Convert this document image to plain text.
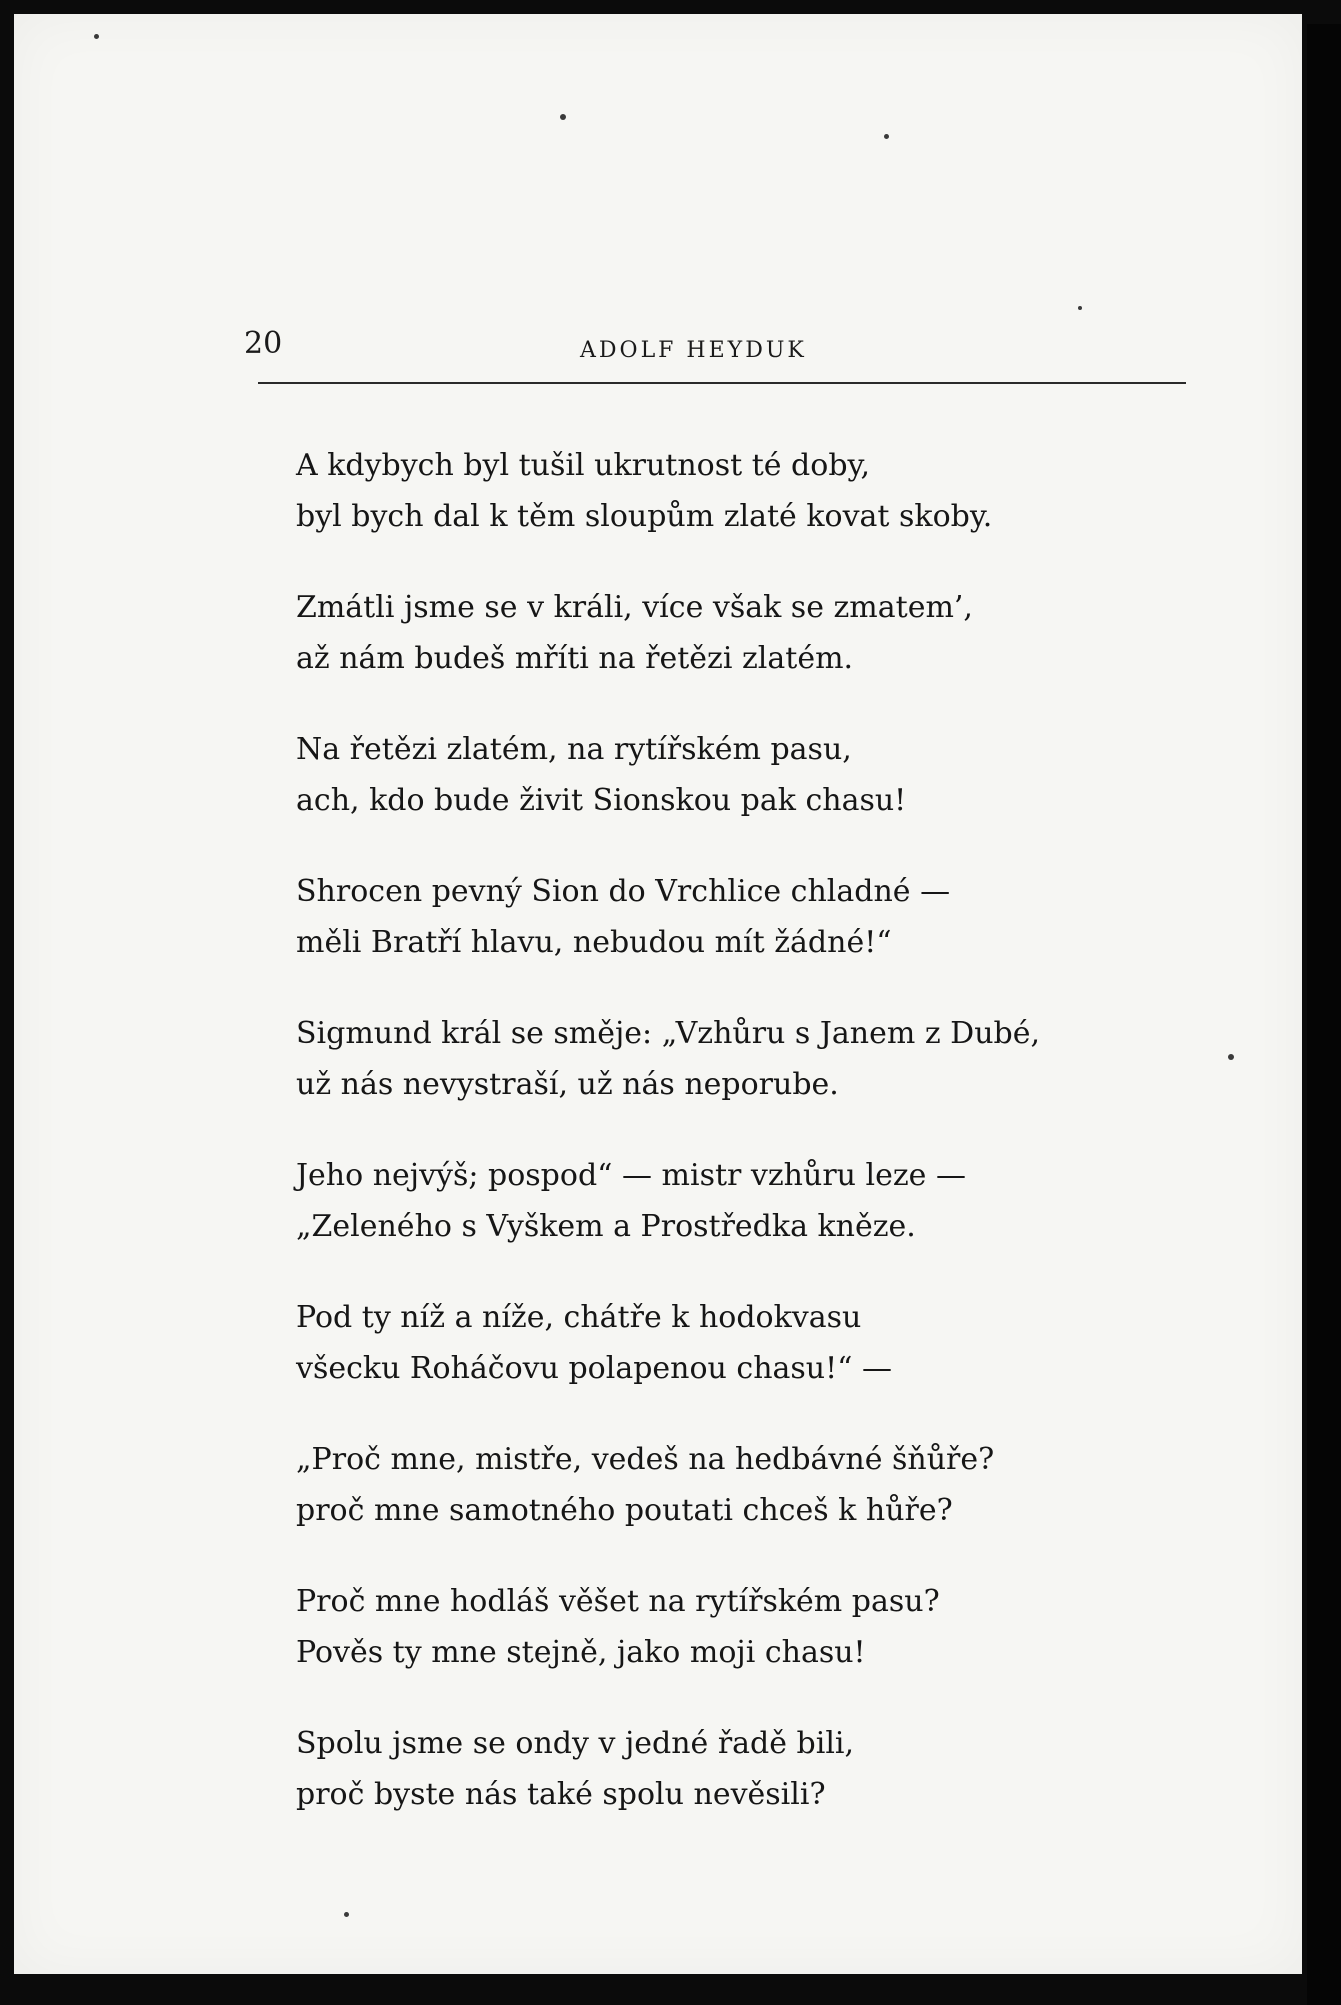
20	ADOLF HEYDUK
A kdybych byl tušil ukrutnost té doby,
byl bych dal k těm sloupům zlaté kovat skoby.
Zmátli jsme se v králi, více však se zmatem’,
až nám budeš mříti na řetězi zlatém.
Na řetězi zlatém, na rytířském pasu,
ach, kdo bude živit Sionskou pak chasu!
Shrocen pevný Sion do Vrchlice chladné —
měli Bratří hlavu, nebudou mít žádné!“
Sigmund král se směje: „Vzhůru s Janem z Dubé,
už nás nevystraší, už nás neporube.
Jeho nejvýš; pospod“ — mistr vzhůru leze —
„Zeleného s Vyškem a Prostředka kněze.
Pod ty níž a níže, chátře k hodokvasu
všecku Roháčovu polapenou chasu!“ —
„Proč mne, mistře, vedeš na hedbávné šňůře?
proč mne samotného poutati chceš k hůře?
Proč mne hodláš věšet na rytířském pasu?
Pověs ty mne stejně, jako moji chasu!
Spolu jsme se ondy v jedné řadě bili,
proč byste nás také spolu nevěsili?
